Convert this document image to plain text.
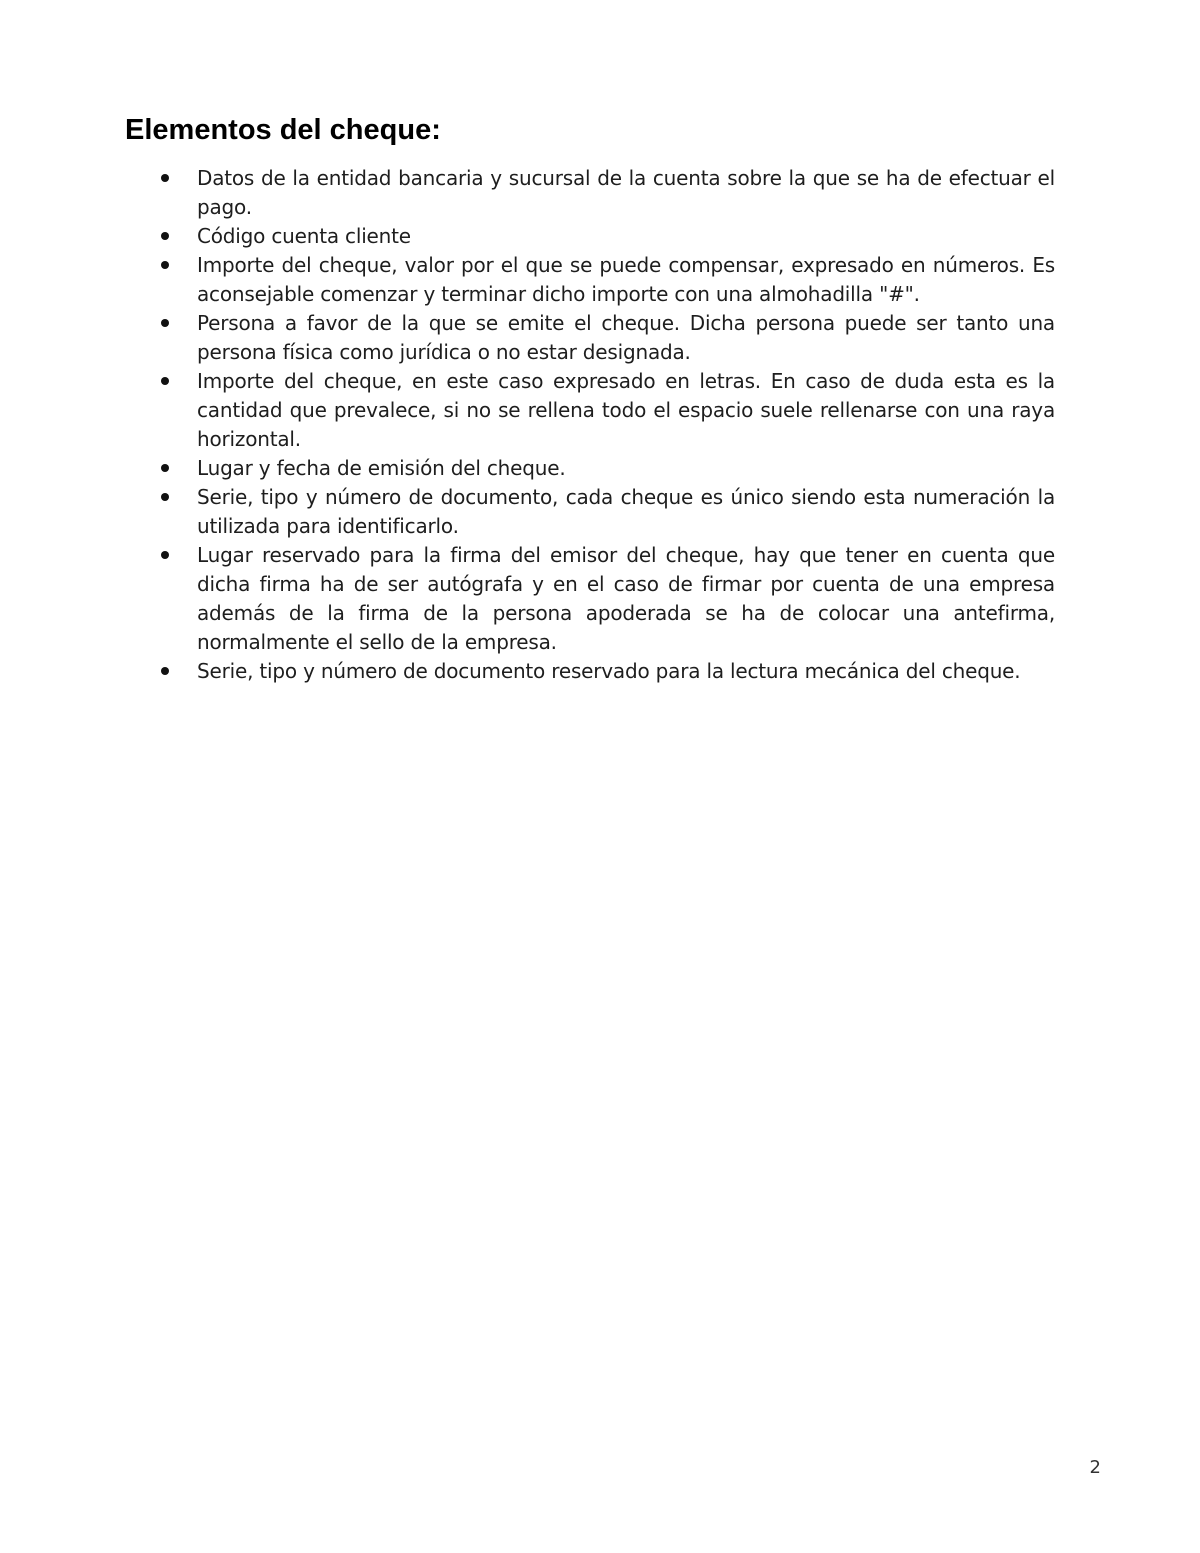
Elementos del cheque:
Datos de la entidad bancaria y sucursal de la cuenta sobre la que se ha de efectuar el pago.
Código cuenta cliente
Importe del cheque, valor por el que se puede compensar, expresado en números. Es aconsejable comenzar y terminar dicho importe con una almohadilla "#".
Persona a favor de la que se emite el cheque. Dicha persona puede ser tanto una persona física como jurídica o no estar designada.
Importe del cheque, en este caso expresado en letras. En caso de duda esta es la cantidad que prevalece, si no se rellena todo el espacio suele rellenarse con una raya horizontal.
Lugar y fecha de emisión del cheque.
Serie, tipo y número de documento, cada cheque es único siendo esta numeración la utilizada para identificarlo.
Lugar reservado para la firma del emisor del cheque, hay que tener en cuenta que dicha firma ha de ser autógrafa y en el caso de firmar por cuenta de una empresa además de la firma de la persona apoderada se ha de colocar una antefirma, normalmente el sello de la empresa.
Serie, tipo y número de documento reservado para la lectura mecánica del cheque.
2
